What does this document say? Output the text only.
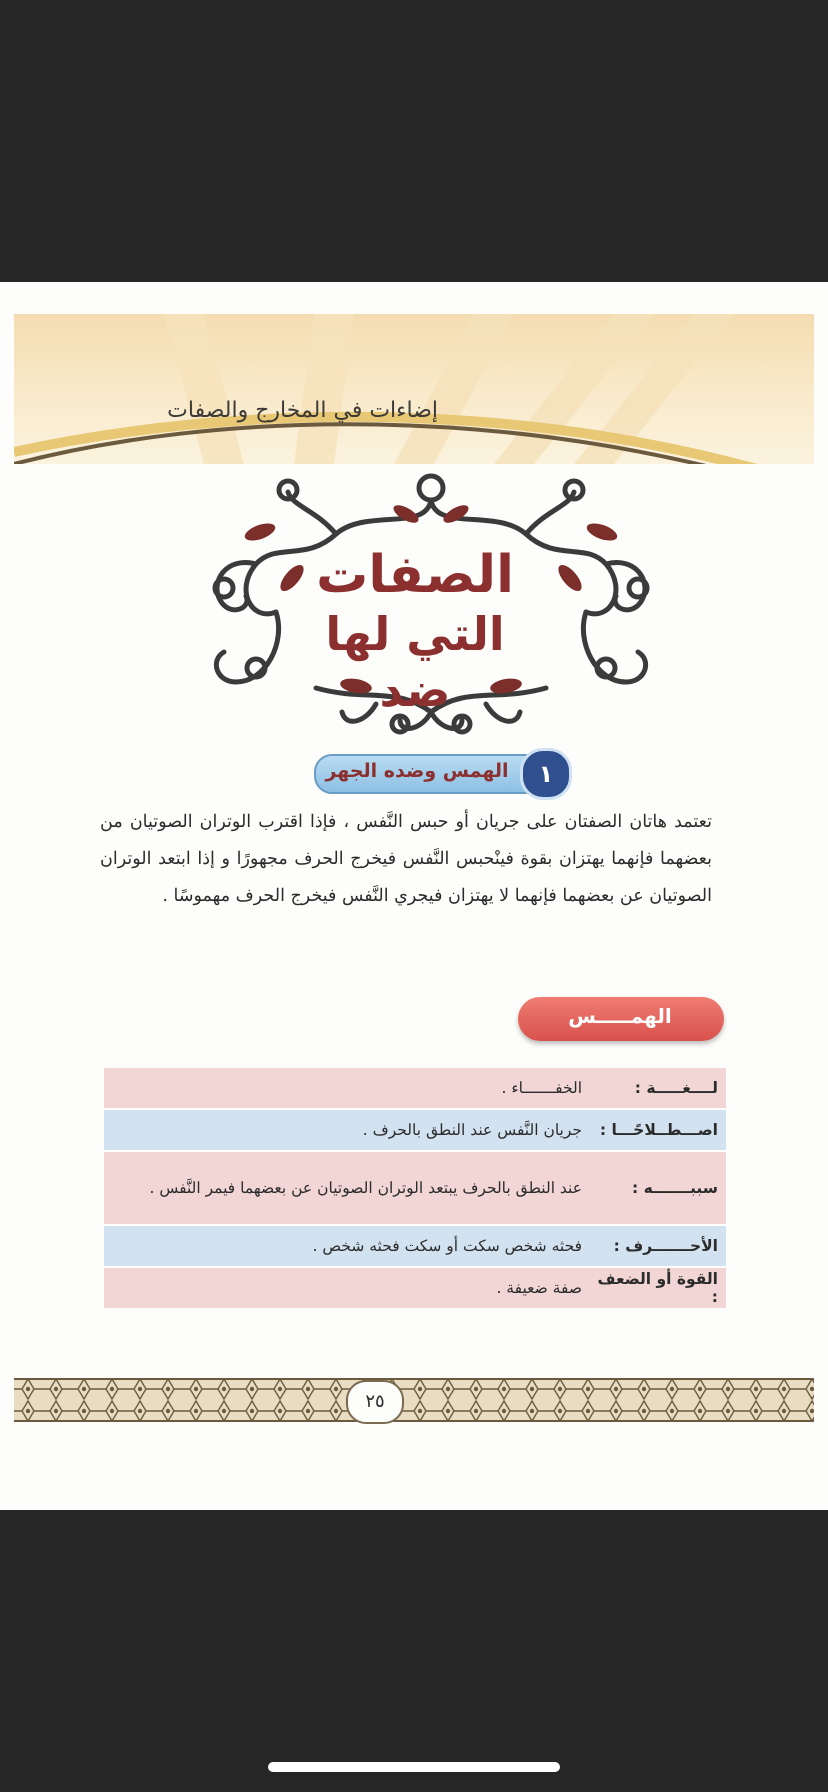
إضاءات في المخارج والصفات
الصفات
التي لها ضد
الهمس وضده الجهر	١
تعتمد هاتان الصفتان على جريان أو حبس النَّفس ، فإذا اقترب الوتران الصوتيان من بعضهما فإنهما يهتزان بقوة فينْحبس النَّفس فيخرج الحرف مجهورًا و إذا ابتعد الوتران الصوتيان عن بعضهما فإنهما لا يهتزان فيجري النَّفس فيخرج الحرف مهموسًا .
الهمـــــس
لــــغـــــة :
الخفـــــــاء .
اصـــطــلاحًـــا :
جريان النَّفس عند النطق بالحرف .
سببـــــــه :
عند النطق بالحرف يبتعد الوتران الصوتيان عن بعضهما فيمر النَّفس .
الأحـــــــرف :
فحثه شخص سكت أو سكت فحثه شخص .
القوة أو الضعف :
صفة ضعيفة .
٢٥
